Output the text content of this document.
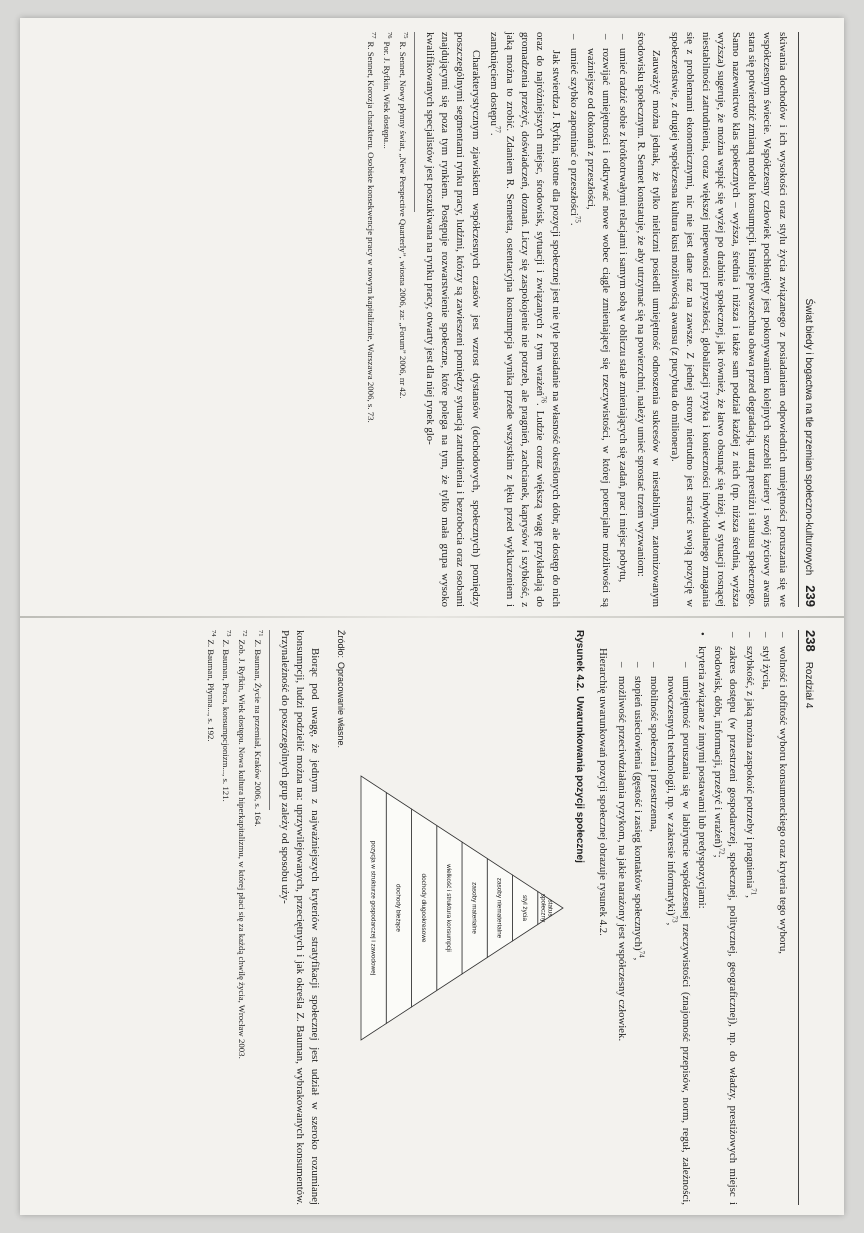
238
Rozdział 4
– wolność i obfitość wyboru konsumenckiego oraz kryteria tego wyboru,
– styl życia,
– szybkość, z jaką można zaspokoić potrzeby i pragnienia$^{71}$,
– zakres dostępu (w przestrzeni gospodarczej, społecznej, politycznej, geograficznej), np. do władzy, prestiżowych miejsc i środowisk, dóbr, informacji, przeżyć i wrażeń)$^{72}$;
• kryteria związane z innymi postawami lub predyspozycjami:
– umiejętność poruszania się w labiryncie współczesnej rzeczywistości (znajomość przepisów, norm, reguł, zależności, nowoczesnych technologii, np. w zakresie informatyki)$^{73}$,
– mobilność społeczna i przestrzenna,
– stopień usieciowienia (gęstość i zasięg kontaktów społecznych)$^{74}$,
– możliwość przeciwdziałania ryzykom, na jakie narażony jest współczesny człowiek.

Hierarchię uwarunkowań pozycji społecznej obrazuje rysunek 4.2.

Rysunek 4.2.Uwarunkowania pozycji społecznej
statusspołeczny
styl życia
zasoby niematerialne
zasoby materialne
wielkość i struktura konsumpcji
dochody długookresowe
dochody bieżące
pozycja w strukturze gospodarczej i zawodowej
Źródło:Opracowanie własne.

Biorąc pod uwagę, że jednym z najważniejszych kryteriów stratyfikacji społecznej jest udział w szeroko rozumianej konsumpcji, ludzi podzielić można na: uprzywilejowanych, przeciętnych i jak określa Z. Bauman, wybrakowanych konsumentów. Przynależność do poszczególnych grup zależy od sposobu uży-

$^{71}$Z. Bauman, Życie na przemiał, Kraków 2006, s. 164.

$^{72}$Zob. J. Ryfkin, Wiek dostępu. Nowa kultura hiperkapitalizmu, w której płaci się za każdą chwilę życia, Wrocław 2003.

$^{73}$Z. Bauman, Praca, konsumpcjonizm..., s. 121.

$^{74}$Z. Bauman, Płynna..., s. 192.

Świat biedy i bogactwa na tle przemian społeczno-kulturowych
239

skiwania dochodów i ich wysokości oraz stylu życia związanego z posiadaniem odpowiednich umiejętności poruszania się we współczesnym świecie. Współczesny człowiek pochłonięty jest pokonywaniem kolejnych szczebli kariery i swój życiowy awans stara się potwierdzić zmianą modelu konsumpcji. Istnieje powszechna obawa przed degradacją, utratą prestiżu i statusu społecznego. Samo nazewnictwo klas społecznych – wyższa, średnia i niższa i także sam podział każdej z nich (np. niższa średnia, wyższa wyższa) sugeruje, że można wspiąć się wyżej po drabinie społecznej, jak również, że łatwo obsunąć się niżej. W sytuacji rosnącej niestabilności zatrudnienia, coraz większej niepewności przyszłości, globalizacji ryzyka i konieczności indywidualnego zmagania się z problemami ekonomicznymi, nic nie jest dane raz na zawsze. Z jednej strony nietrudno jest stracić swoją pozycję w społeczeństwie, z drugiej współczesna kultura kusi możliwością awansu (z pucybuta do milionera).

Zauważyć można jednak, że tylko nieliczni posiedli umiejętność odnoszenia sukcesów w niestabilnym, zatomizowanym środowisku społecznym. R. Sennet konstatuje, że aby utrzymać się na powierzchni, należy umieć sprostać trzem wyzwaniom:

– umieć radzić sobie z krótkotrwałymi relacjami i samym sobą w obliczu stale zmieniających się zadań, prac i miejsc pobytu,
– rozwijać umiejętności i odkrywać nowe wobec ciągle zmieniającej się rzeczywistości, w której potencjalne możliwości są ważniejsze od dokonań z przeszłości,
– umieć szybko zapominać o przeszłości$^{75}$.

Jak stwierdza J. Ryfkin, istotne dla pozycji społecznej jest nie tyle posiadanie na własność określonych dóbr, ale dostęp do nich oraz do najróżniejszych miejsc, środowisk, sytuacji i związanych z tym wrażeń$^{76}$. Ludzie coraz większą wagę przykładają do gromadzenia przeżyć, doświadczeń, doznań. Liczy się zaspokojenie nie potrzeb, ale pragnień, zachcianek, kaprysów i szybkość, z jaką można to zrobić. Zdaniem R. Sennetta, ostentacyjna konsumpcja wynika przede wszystkim z lęku przed wykluczeniem i zamknięciem dostępu$^{77}$.

Charakterystycznym zjawiskiem współczesnych czasów jest wzrost dystansów (dochodowych, społecznych) pomiędzy poszczególnymi segmentami rynku pracy, ludźmi, którzy są zawieszeni pomiędzy sytuacją zatrudnienia i bezrobocia oraz osobami znajdującymi się poza tym rynkiem. Postępuje rozwarstwienie społeczne, które polega na tym, że tylko mała grupa wysoko kwalifikowanych specjalistów jest poszukiwana na rynku pracy, otwarty jest dla niej rynek glo-

$^{75}$R. Sennet, Nowy płynny świat, „New Perspective Quarterly”, wiosna 2006, za: „Forum” 2006, nr 42.

$^{76}$Por. J. Ryfkin, Wiek dostępu...

$^{77}$R. Sennet, Korozja charakteru. Osobiste konsekwencje pracy w nowym kapitalizmie, Warszawa 2006, s. 73.
